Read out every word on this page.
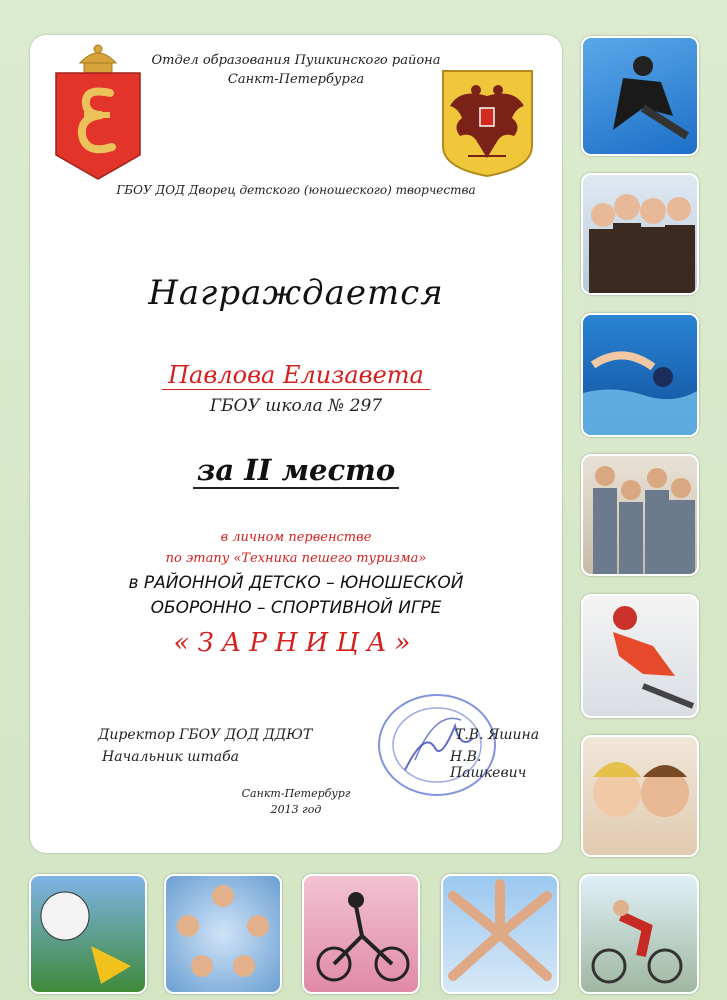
Отдел образования Пушкинского района
Санкт-Петербурга
ГБОУ ДОД Дворец детского (юношеского) творчества
Награждается
Павлова Елизавета
ГБОУ школа № 297
за II место
в личном первенстве
по этапу «Техника пешего туризма»
в РАЙОННОЙ ДЕТСКО – ЮНОШЕСКОЙ
ОБОРОННО – СПОРТИВНОЙ ИГРЕ
«ЗАРНИЦА»
Директор ГБОУ ДОД ДДЮТ	Т.В. Яшина
Начальник штаба	Н.В. Пашкевич
Санкт-Петербург
2013 год
